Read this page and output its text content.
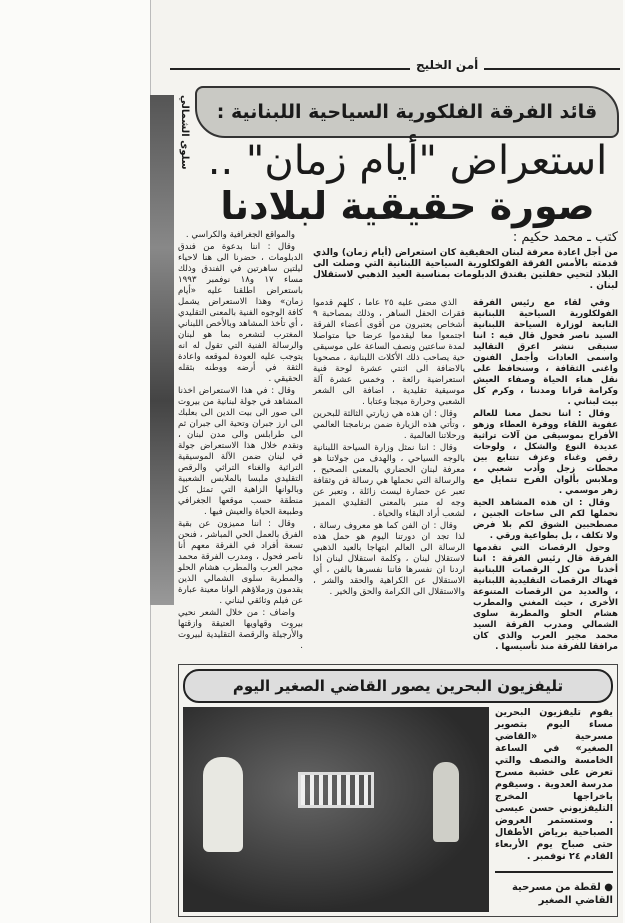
سلوى الشمالي
أمن الخليج
قائد الفرقة الفلكورية السياحية اللبنانية :
استعراض "أيام زمان" ..
صورة حقيقية لبلادنا

والمواقع الجغرافية والكراسي .

وقال : اننا بدعوة من فندق الدبلومات ، حضرنا الى هنا لاحياء ليلتين ساهرتين في الفندق وذلك مساء ١٧ و١٨ نوفمبر ١٩٩٣ باستعراض اطلقنا عليه «أيام زمان» وهذا الاستعراض يشمل كافة الوجوه الفنية بالمعنى التقليدي ، أي تأخذ المشاهد وبالأخص اللبناني المغترب لتشعره بما هو لبنان والرسالة الفنية التي تقول له انه يتوجب عليه العودة لموقعه واعادة الثقة في أرضه ووطنه بثقله الحقيقي .

وقال : في هذا الاستعراض اخذنا المشاهد في جولة لبنانية من بيروت الى صور الى بيت الدين الى بعلبك الى ارز جبران وتحية الى جبران ثم الى طرابلس والى مدن لبنان ، ونقدم خلال هذا الاستعراض جولة في لبنان ضمن الآلة الموسيقية التراثية والغناء التراثي والرقص التقليدي ملبسا بالملابس الشعبية وبالوانها الزاهية التي تمثل كل منطقة حسب موقعها الجغرافي وطبيعة الحياة والعيش فيها .

وقال : اننا مميزون عن بقية الفرق بالعمل الحي المباشر ، فنحن تسعة أفراد في الفرقة معهم أنا ناصر فحول ، ومدرب الفرقة محمد مجير العرب والمطرب هشام الحلو والمطربة سلوى الشمالي الذين يقدمون وزملاؤهم الوانا معينة عبارة عن فيلم وثائقي لبناني .

واضاف : من خلال الشعر نحيي بيروت وقهاويها العتيقة وازقتها والأرجيلة والرقصة التقليدية لبيروت .

كتب ـ محمد حكيم :
من أجل اعادة معرفة لبنان الحقيقية كان استعراض (أيام زمان) والذي قدمته بالأمس الفرقة الفولكلورية السياحية اللبنانية التي وصلت الى البلاد لتحيي حفلتين بفندق الدبلومات بمناسبة العيد الذهبي لاستقلال لبنان .

وفي لقاء مع رئيس الفرقة الفولكلورية السياحية اللبنانية التابعة لوزارة السياحة اللبنانية السيد ناصر فحول قال فيه : اننا سنبقى ننشر اعرق التقاليد واسمى العادات وأجمل الفنون واغنى الثقافة ، وسنحافظ على نقل هناء الحياة وصفاء العيش وكرامة قرانا ومدننا ، وكرم كل بيت لبناني .

وقال : اننا نحمل معنا للعالم عفوية اللقاء ووفرة العطاء وزهو الأفراح بموسيقى من آلات تراثية عديدة النوع والشكل ، ولوحات رقص وغناء وعزف تتتابع بين محطات زجل وأدب شعبي ، وملابس بألوان الفرح تتمايل مع زهر موسمي .

وقال : ان هذه المشاهد الحية نحملها لكم الى ساحات الجنين ، مصطحبين الشوق لكم بلا فرض ولا تكلف ، بل بطواعية ورقي .

وحول الرقصات التي تقدمها الفرقة قال رئيس الفرقة : اننا أخذنا من كل الرقصات اللبنانية فهناك الرقصات التقليدية اللبنانية ، والعديد من الرقصات المتنوعة الأخرى ، حيث المغني والمطرب هشام الحلو والمطربة سلوى الشمالي ومدرب الفرقة السيد محمد مجير العرب والذي كان مرافقا للفرقة منذ تأسيسها .

الذي مضى عليه ٢٥ عاما ، كلهم قدموا فقرات الحفل الساهر ، وذلك بمصاحبة ٩ أشخاص يعتبرون من أقوى أعضاء الفرقة اجتمعوا معا ليقدموا عرضا حيا متواصلا لمدة ساعتين ونصف الساعة على موسيقى حية يصاحب ذلك الأكلات اللبنانية ، مصحوبا بالاضافة الى اثنتي عشرة لوحة فنية استعراضية رائعة ، وخمس عشرة آلة موسيقية تقليدية ، اضافة الى الشعر الشعبي وحرارة ميجنا وعتابا .

وقال : ان هذه هي زيارتي الثالثة للبحرين ، وتأتي هذه الزيارة ضمن برنامجنا العالمي ورحلاتنا العالمية .

وقال : اننا نمثل وزارة السياحة اللبنانية بالوجه السياحي ، والهدف من جولاتنا هو معرفة لبنان الحضاري بالمعنى الصحيح ، والرسالة التي نحملها هي رسالة فن وثقافة تعبر عن حضارة ليست زائلة ، وتعبر عن وجه له منبر بالمعنى التقليدي المميز لشعب أراد البقاء والحياة .

وقال : ان الفن كما هو معروف رسالة ، لذا تجد ان دورتنا اليوم هو حمل هذه الرسالة الى العالم ابتهاجا بالعيد الذهبي لاستقلال لبنان ، وكلمة استقلال لبنان اذا اردنا ان نفسرها فاننا نفسرها بالفن ، أي الاستقلال عن الكراهية والحقد والشر ، والاستقلال الى الكرامة والحق والخير .

تليفزيون البحرين يصور القاضي الصغير اليوم
يقوم تليفزيون البحرين مساء اليوم بتصوير مسرحية «القاضي الصغير» في الساعة الخامسة والنصف والتي تعرض على خشبة مسرح مدرسة العدوية . وسيقوم باخراجها المخرج التليفزيوني حسن عيسى . وستستمر العروض الصباحية برياض الأطفال حتى صباح يوم الأربعاء القادم ٢٤ نوفمبر .
● لقطة من مسرحية القاضي الصغير
